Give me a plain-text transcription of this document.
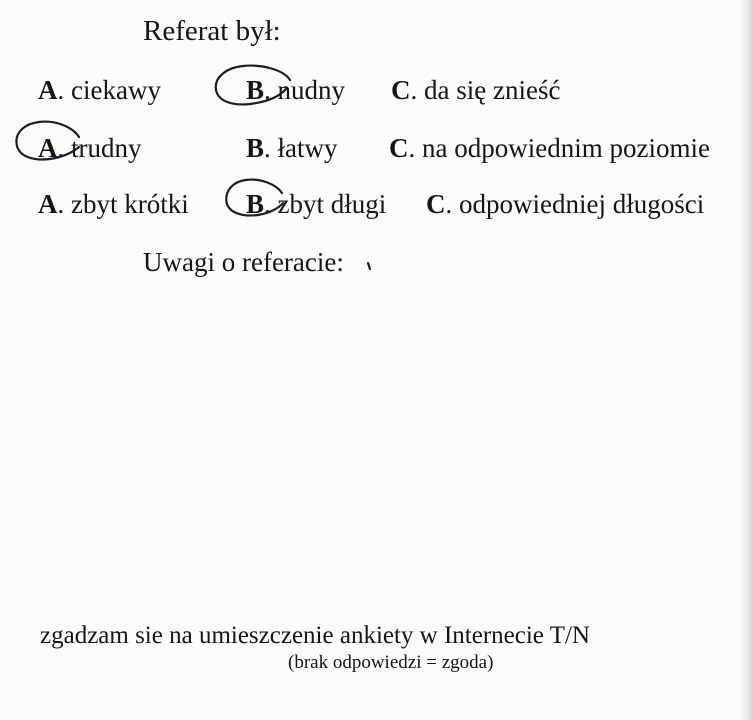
Referat był:
A. ciekawy	B. nudny C. da się znieść
A. trudny	B. łatwy C. na odpowiednim poziomie
A. zbyt krótki B. zbyt długi C. odpowiedniej długości
Uwagi o referacie:
zgadzam sie na umieszczenie ankiety w Internecie T/N
(brak odpowiedzi = zgoda)
